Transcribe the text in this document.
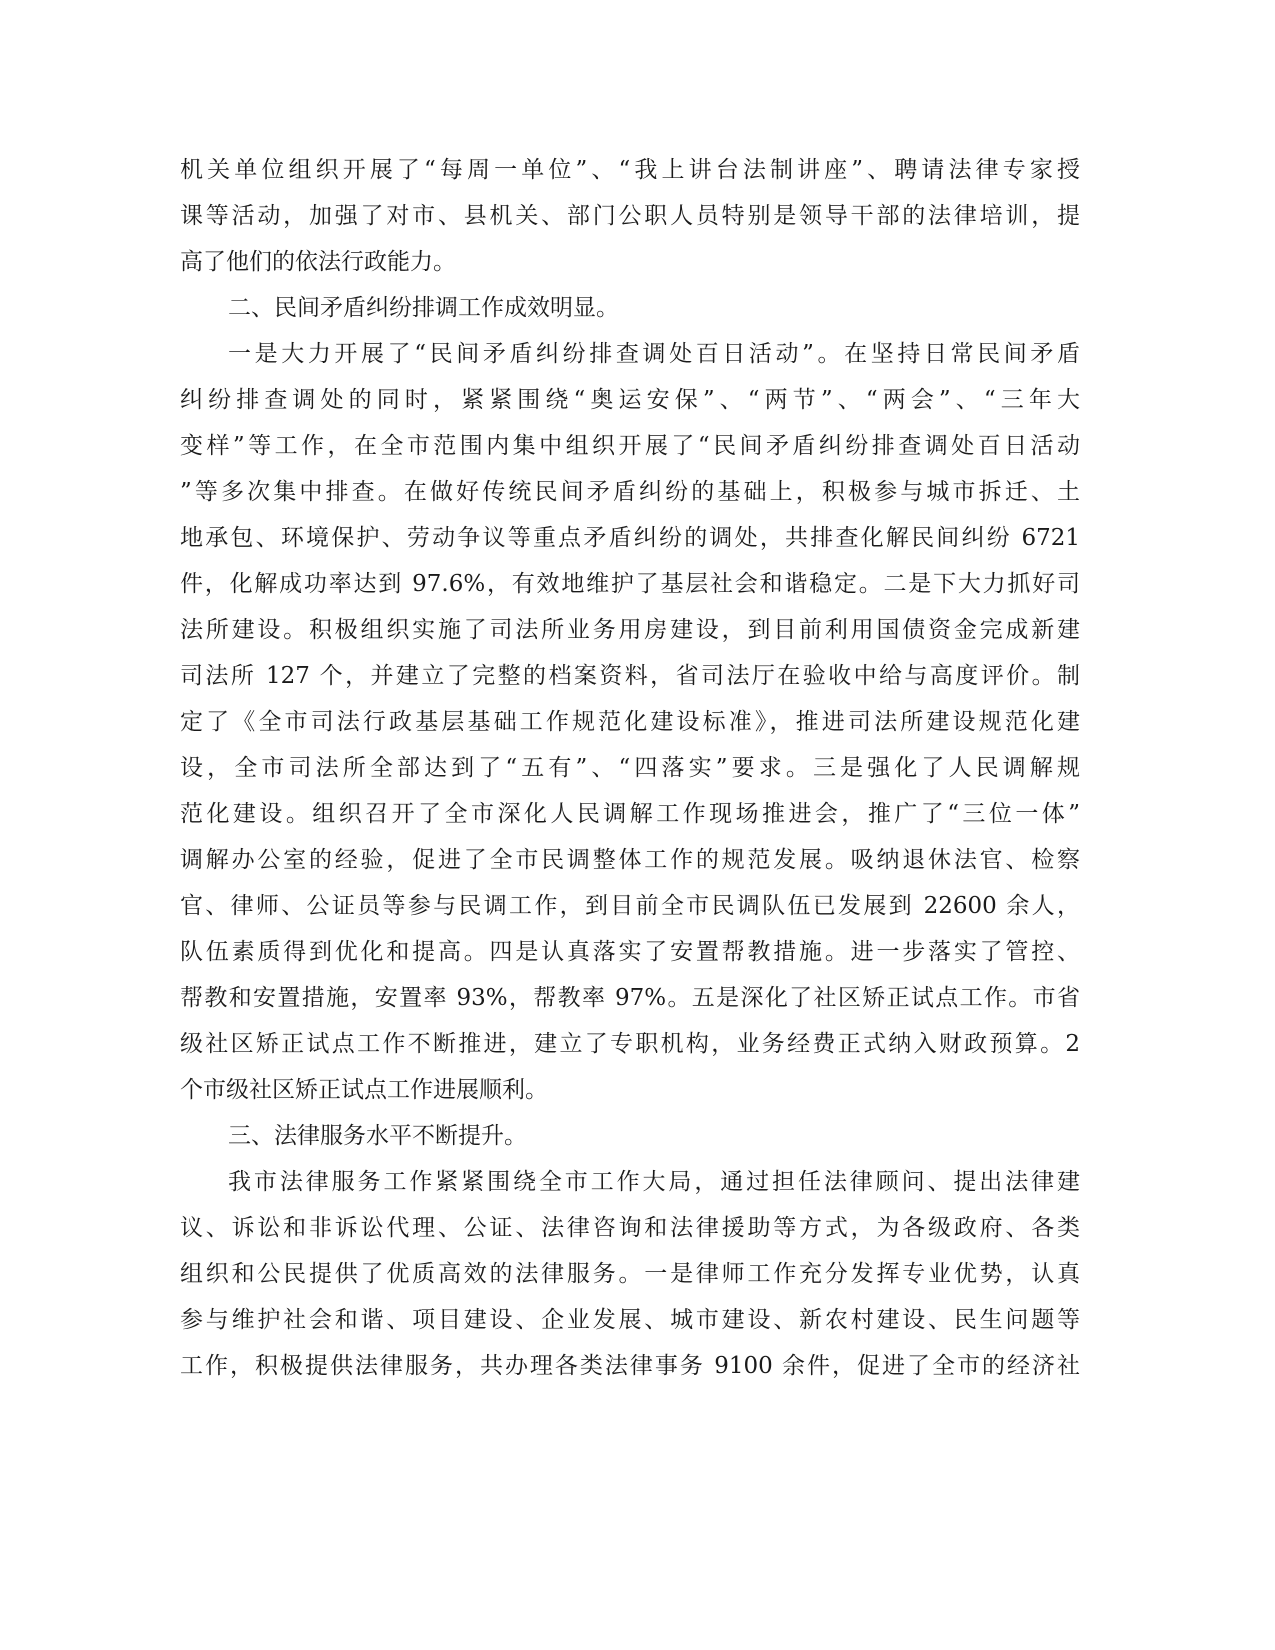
机关单位组织开展了“每周一单位”、“我上讲台法制讲座”、聘请法律专家授

课等活动，加强了对市、县机关、部门公职人员特别是领导干部的法律培训，提

高了他们的依法行政能力。

二、民间矛盾纠纷排调工作成效明显。

一是大力开展了“民间矛盾纠纷排查调处百日活动”。在坚持日常民间矛盾

纠纷排查调处的同时，紧紧围绕“奥运安保”、“两节”、“两会”、“三年大

变样”等工作，在全市范围内集中组织开展了“民间矛盾纠纷排查调处百日活动

”等多次集中排查。在做好传统民间矛盾纠纷的基础上，积极参与城市拆迁、土

地承包、环境保护、劳动争议等重点矛盾纠纷的调处，共排查化解民间纠纷 6721

件，化解成功率达到 97.6%，有效地维护了基层社会和谐稳定。二是下大力抓好司

法所建设。积极组织实施了司法所业务用房建设，到目前利用国债资金完成新建

司法所 127 个，并建立了完整的档案资料，省司法厅在验收中给与高度评价。制

定了《全市司法行政基层基础工作规范化建设标准》，推进司法所建设规范化建

设，全市司法所全部达到了“五有”、“四落实”要求。三是强化了人民调解规

范化建设。组织召开了全市深化人民调解工作现场推进会，推广了“三位一体”

调解办公室的经验，促进了全市民调整体工作的规范发展。吸纳退休法官、检察

官、律师、公证员等参与民调工作，到目前全市民调队伍已发展到 22600 余人，

队伍素质得到优化和提高。四是认真落实了安置帮教措施。进一步落实了管控、

帮教和安置措施，安置率 93%，帮教率 97%。五是深化了社区矫正试点工作。市省

级社区矫正试点工作不断推进，建立了专职机构，业务经费正式纳入财政预算。2

个市级社区矫正试点工作进展顺利。

三、法律服务水平不断提升。

我市法律服务工作紧紧围绕全市工作大局，通过担任法律顾问、提出法律建

议、诉讼和非诉讼代理、公证、法律咨询和法律援助等方式，为各级政府、各类

组织和公民提供了优质高效的法律服务。一是律师工作充分发挥专业优势，认真

参与维护社会和谐、项目建设、企业发展、城市建设、新农村建设、民生问题等

工作，积极提供法律服务，共办理各类法律事务 9100 余件，促进了全市的经济社
